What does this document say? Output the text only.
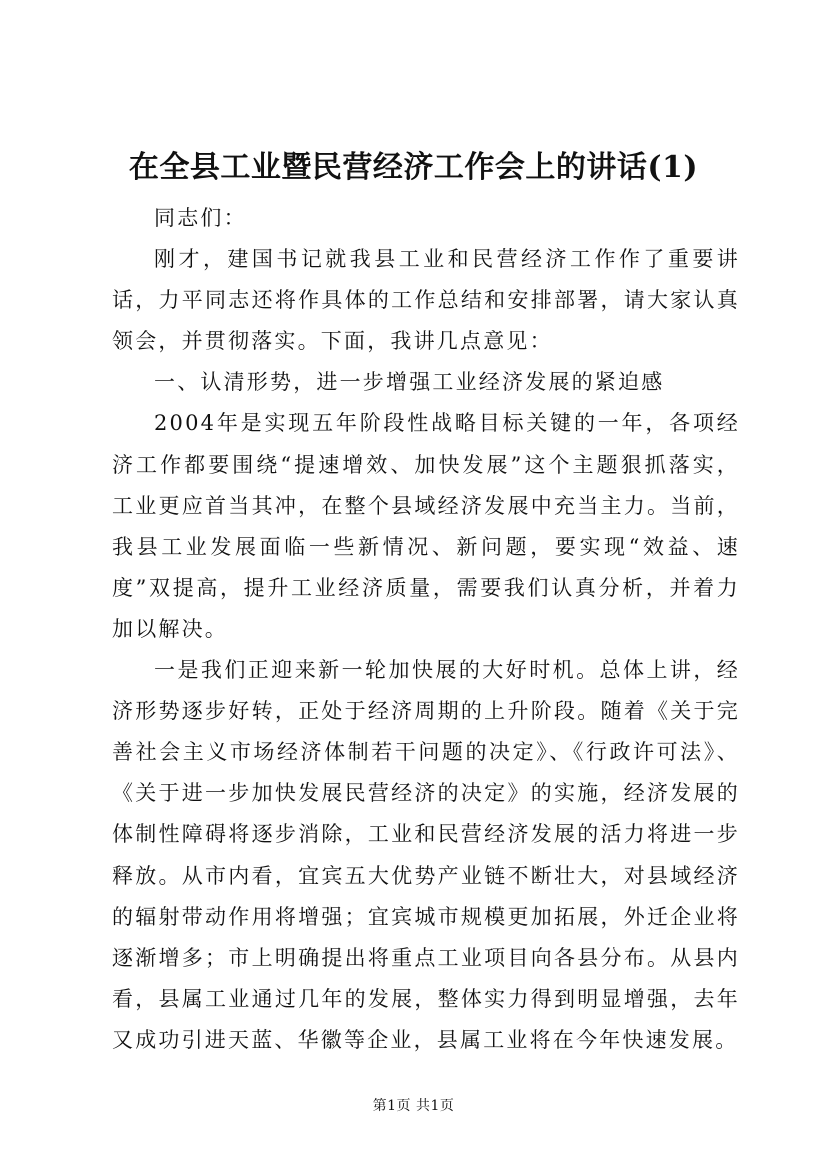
在全县工业暨民营经济工作会上的讲话(1)

同志们：

刚才，建国书记就我县工业和民营经济工作作了重要讲话，力平同志还将作具体的工作总结和安排部署，请大家认真领会，并贯彻落实。下面，我讲几点意见：

一、认清形势，进一步增强工业经济发展的紧迫感

2004年是实现五年阶段性战略目标关键的一年，各项经济工作都要围绕“提速增效、加快发展”这个主题狠抓落实，工业更应首当其冲，在整个县域经济发展中充当主力。当前，我县工业发展面临一些新情况、新问题，要实现“效益、速度”双提高，提升工业经济质量，需要我们认真分析，并着力加以解决。

一是我们正迎来新一轮加快展的大好时机。总体上讲，经济形势逐步好转，正处于经济周期的上升阶段。随着《关于完善社会主义市场经济体制若干问题的决定》、《行政许可法》、《关于进一步加快发展民营经济的决定》的实施，经济发展的体制性障碍将逐步消除，工业和民营经济发展的活力将进一步释放。从市内看，宜宾五大优势产业链不断壮大，对县域经济的辐射带动作用将增强；宜宾城市规模更加拓展，外迁企业将逐渐增多；市上明确提出将重点工业项目向各县分布。从县内看，县属工业通过几年的发展，整体实力得到明显增强，去年又成功引进天蓝、华徽等企业，县属工业将在今年快速发展。

第1页 共1页
